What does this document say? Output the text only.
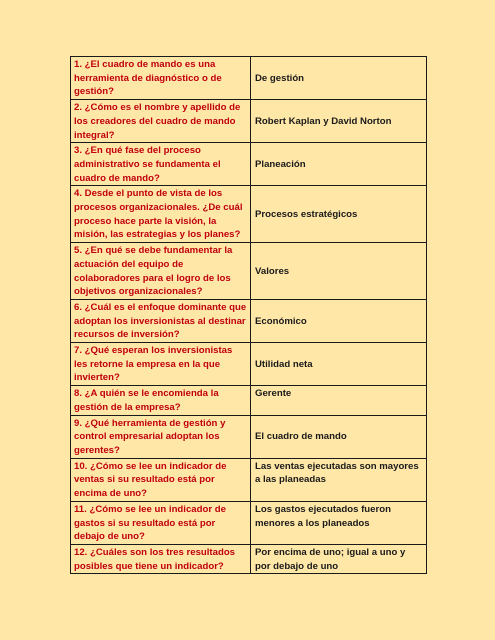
1. ¿El cuadro de mando es una herramienta de diagnóstico o de gestión?	De gestión
2. ¿Cómo es el nombre y apellido de los creadores del cuadro de mando integral?	Robert Kaplan y David Norton
3. ¿En qué fase del proceso administrativo se fundamenta el cuadro de mando?	Planeación
4. Desde el punto de vista de los procesos organizacionales. ¿De cuál proceso hace parte la visión, la misión, las estrategias y los planes?	Procesos estratégicos
5. ¿En qué se debe fundamentar la actuación del equipo de colaboradores para el logro de los objetivos organizacionales?	Valores
6. ¿Cuál es el enfoque dominante que adoptan los inversionistas al destinar recursos de inversión?	Económico
7. ¿Qué esperan los inversionistas les retorne la empresa en la que invierten?	Utilidad neta
8. ¿A quién se le encomienda la gestión de la empresa?	Gerente
9. ¿Qué herramienta de gestión y control empresarial adoptan los gerentes?	El cuadro de mando
10. ¿Cómo se lee un indicador de ventas si su resultado está por encima de uno?	Las ventas ejecutadas son mayores a las planeadas
11. ¿Cómo se lee un indicador de gastos si su resultado está por debajo de uno?	Los gastos ejecutados fueron menores a los planeados
12. ¿Cuáles son los tres resultados posibles que tiene un indicador?	Por encima de uno; igual a uno y por debajo de uno
